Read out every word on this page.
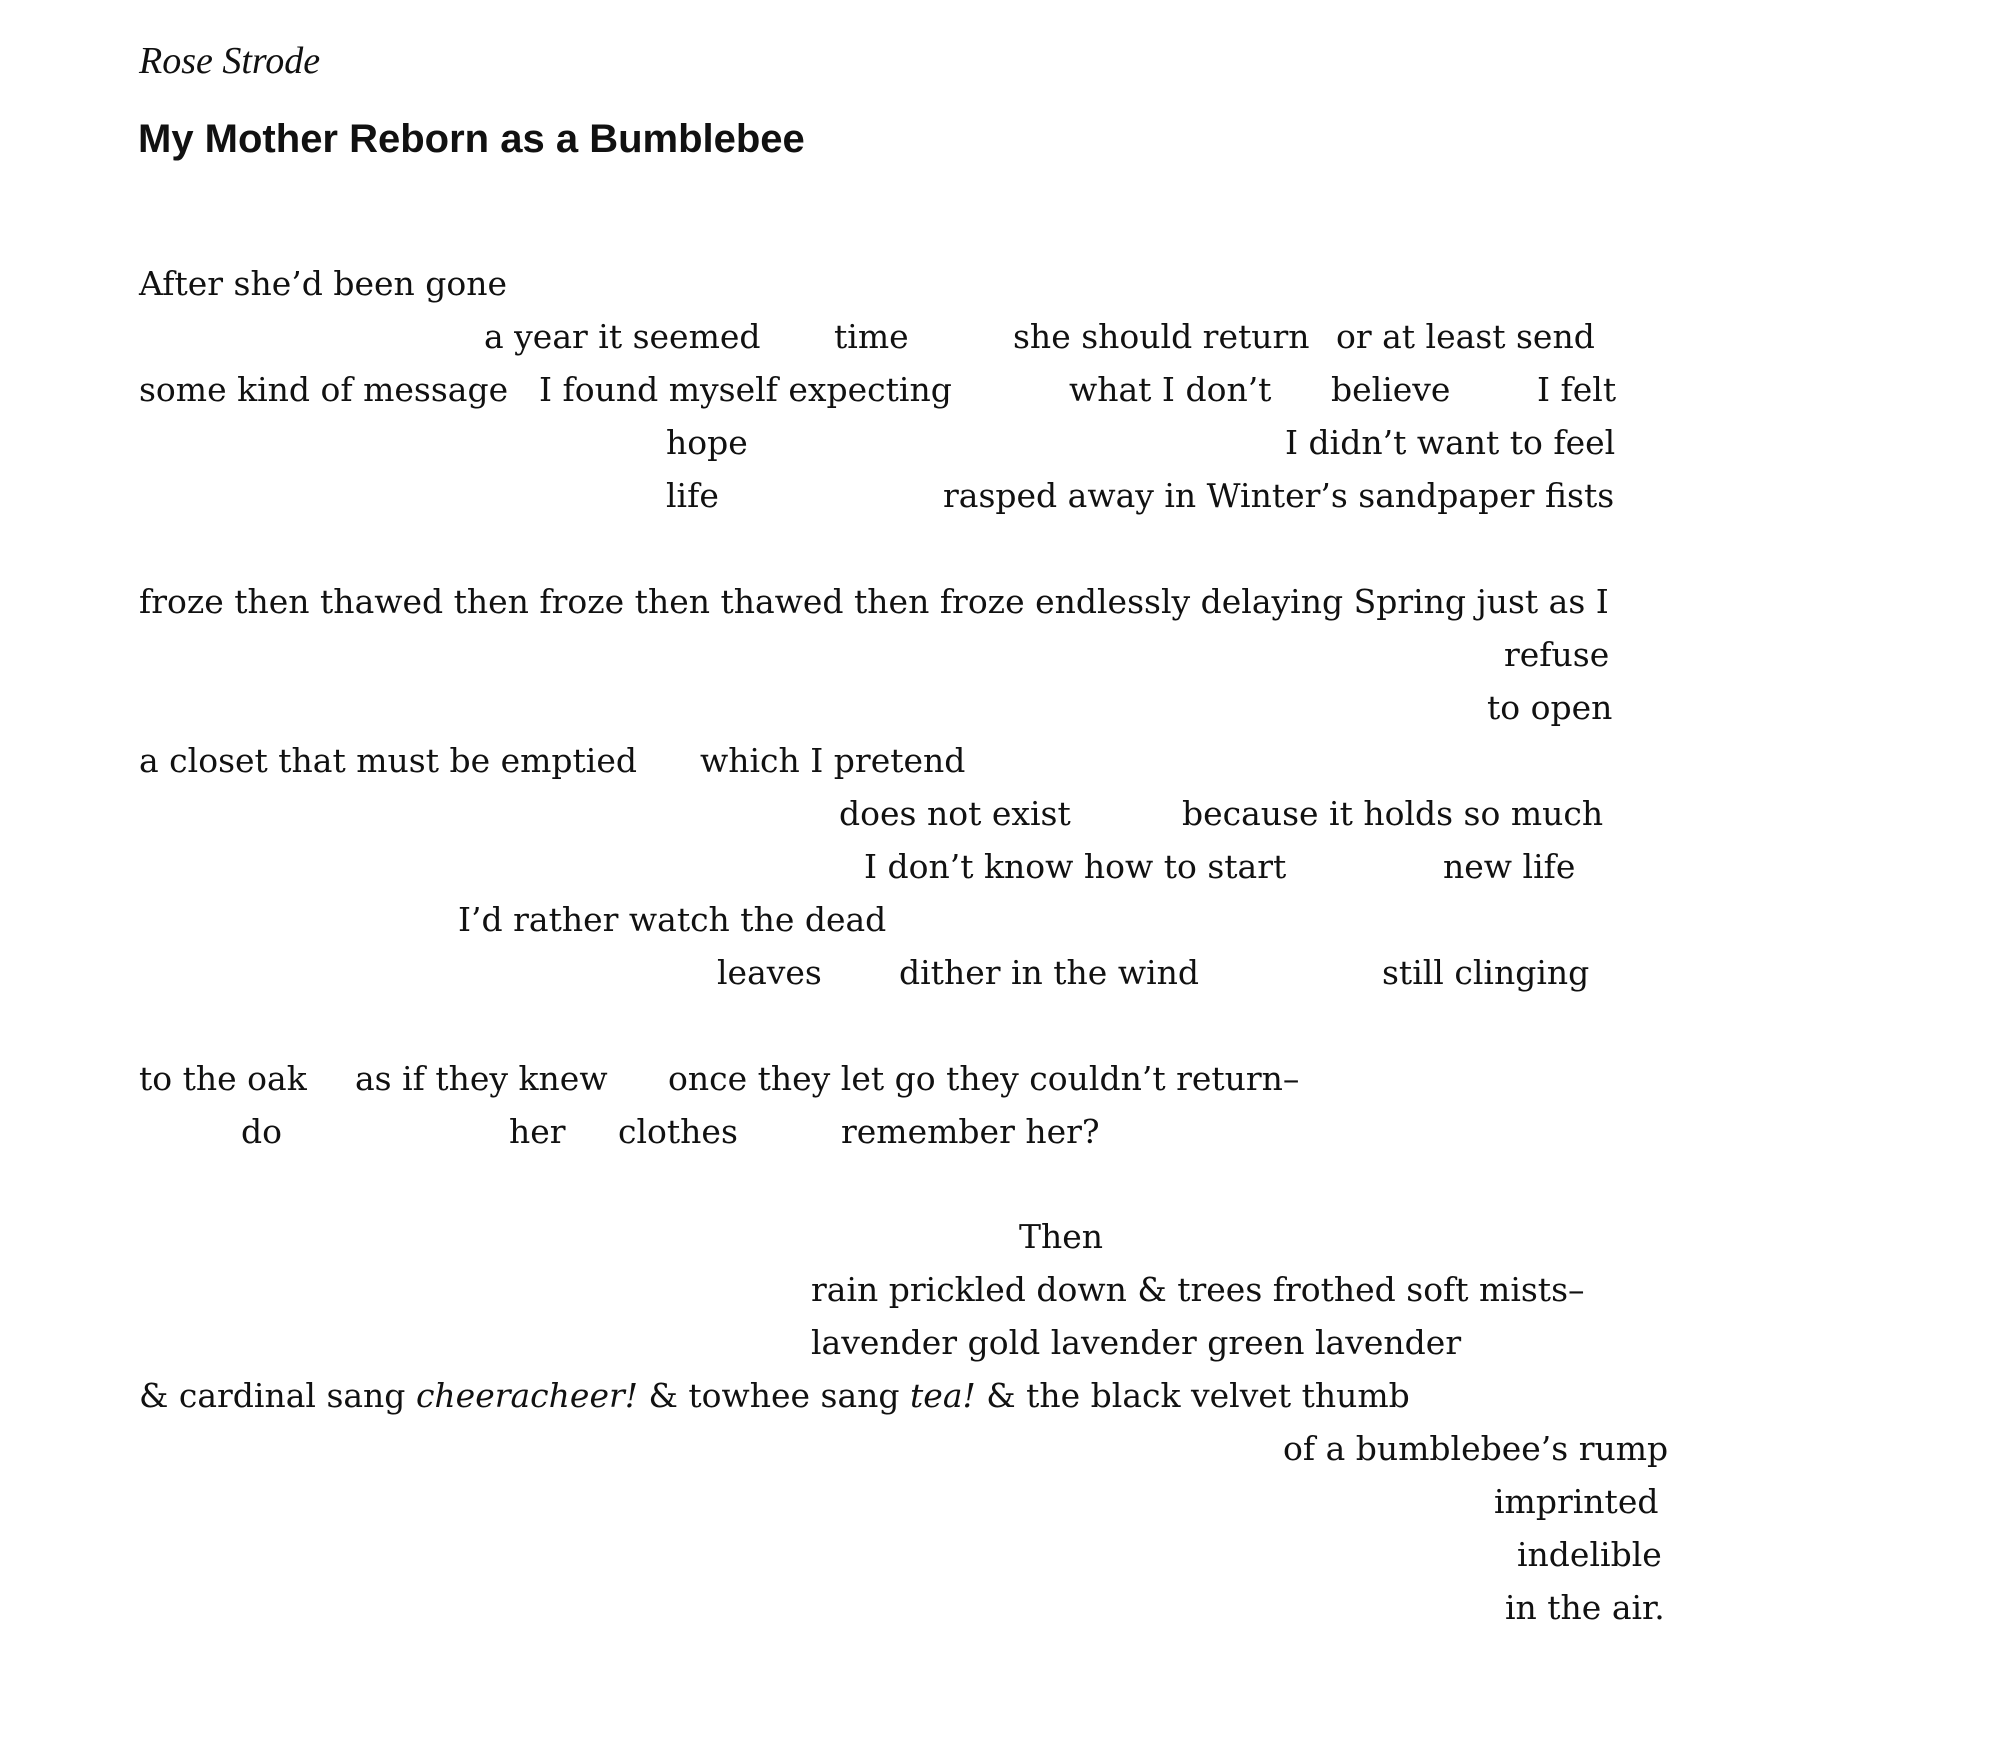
Rose Strode
My Mother Reborn as a Bumblebee
After she’d been gone
a year it seemed time	she should return or at least send
some kind of message I found myself expecting	what I don’t believe	I felt
hope	I didn’t want to feel
life	rasped away in Winter’s sandpaper fists
froze then thawed then froze then thawed then froze endlessly delaying Spring just as I
refuse
to open
a closet that must be emptied which I pretend
does not exist	because it holds so much
I don’t know how to start	new life
I’d rather watch the dead
leaves dither in the wind	still clinging
to the oak as if they knew once they let go they couldn’t return–
do	her clothes	remember her?
Then
rain prickled down & trees frothed soft mists–
lavender gold lavender green lavender
& cardinal sang cheeracheer! & towhee sang tea! & the black velvet thumb
of a bumblebee’s rump
imprinted
indelible
in the air.
